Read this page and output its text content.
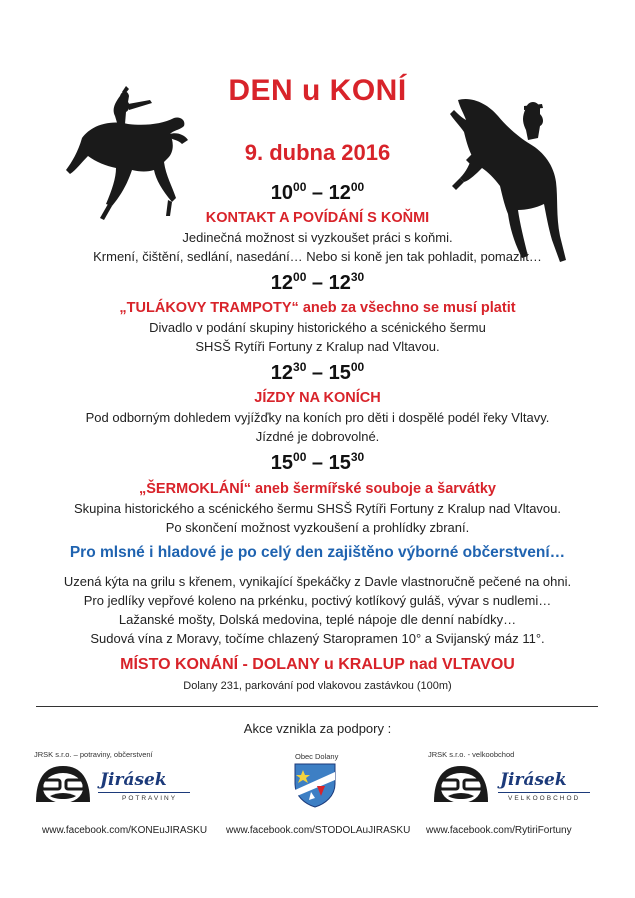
DEN u KONÍ
9. dubna 2016
$10^{00} - 12^{00}$
KONTAKT A POVÍDÁNÍ S KOŇMI
Jedinečná možnost si vyzkoušet práci s koňmi.
Krmení, čištění, sedlání, nasedání… Nebo si koně jen tak pohladit, pomazlit…
$12^{00} - 12^{30}$
„TULÁKOVY TRAMPOTY“ aneb za všechno se musí platit
Divadlo v podání skupiny historického a scénického šermu
SHSŠ Rytíři Fortuny z Kralup nad Vltavou.
$12^{30} - 15^{00}$
JÍZDY NA KONÍCH
Pod odborným dohledem vyjížďky na koních pro děti i dospělé podél řeky Vltavy.
Jízdné je dobrovolné.
$15^{00} - 15^{30}$
„ŠERMOKLÁNÍ“ aneb šermířské souboje a šarvátky
Skupina historického a scénického šermu SHSŠ Rytíři Fortuny z Kralup nad Vltavou.
Po skončení možnost vyzkoušení a prohlídky zbraní.
Pro mlsné i hladové je po celý den zajištěno výborné občerstvení…
Uzená kýta na grilu s křenem, vynikající špekáčky z Davle vlastnoručně pečené na ohni.
Pro jedlíky vepřové koleno na prkénku, poctivý kotlíkový guláš, vývar s nudlemi…
Lažanské mošty, Dolská medovina, teplé nápoje dle denní nabídky…
Sudová vína z Moravy, točíme chlazený Staropramen 10° a Svijanský máz 11°.
MÍSTO KONÁNÍ - DOLANY u KRALUP nad VLTAVOU
Dolany 231, parkování pod vlakovou zastávkou (100m)
Akce vznikla za podpory :
JRSK s.r.o. – potraviny, občerstvení
Jirásek
POTRAVINY
www.facebook.com/KONEuJIRASKU
Obec Dolany
www.facebook.com/STODOLAuJIRASKU
JRSK s.r.o. - velkoobchod
Jirásek
VELKOOBCHOD
www.facebook.com/RytiriFortuny
